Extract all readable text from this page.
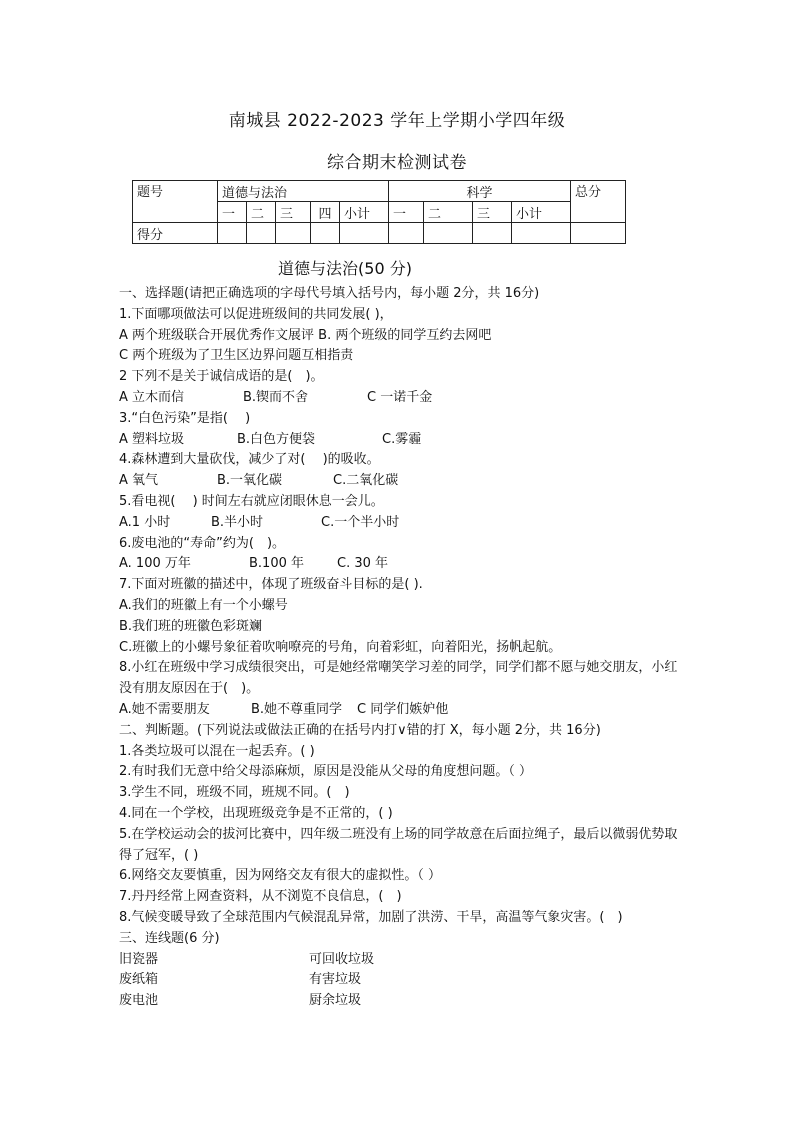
南城县 2022-2023 学年上学期小学四年级
综合期末检测试卷
题号	道德与法治					科学				总分
	一	二	三	四	小计	一	二	三	小计	
得分										
道德与法治(50 分)
一、选择题(请把正确选项的字母代号填入括号内，每小题 2分，共 16分)
1.下面哪项做法可以促进班级间的共同发展( )，
A 两个班级联合开展优秀作文展评 B. 两个班级的同学互约去网吧
C 两个班级为了卫生区边界问题互相指责
2 下列不是关于诚信成语的是(　)。
A 立木而信	B.锲而不舍	C 一诺千金
3.“白色污染”是指(　 )
A 塑料垃圾	B.白色方便袋	C.雾霾
4.森林遭到大量砍伐，减少了对(　 )的吸收。
A 氧气	B.一氧化碳	C.二氧化碳
5.看电视(　 ) 时间左右就应闭眼休息一会儿。
A.1 小时	B.半小时	C.一个半小时
6.废电池的“寿命”约为(　)。
A. 100 万年	B.100 年	C. 30 年
7.下面对班徽的描述中，体现了班级奋斗目标的是( ).
A.我们的班徽上有一个小螺号
B.我们班的班徽色彩斑斓
C.班徽上的小螺号象征着吹响嘹亮的号角，向着彩虹，向着阳光，扬帆起航。
8.小红在班级中学习成绩很突出，可是她经常嘲笑学习差的同学，同学们都不愿与她交朋友，小红没有朋友原因在于(　)。
A.她不需要朋友	B.她不尊重同学 C 同学们嫉妒他
二、判断题。(下列说法或做法正确的在括号内打∨错的打 X，每小题 2分，共 16分)
1.各类垃圾可以混在一起丢弃。( )
2.有时我们无意中给父母添麻烦，原因是没能从父母的角度想问题。（ ）
3.学生不同，班级不同，班规不同。(　)
4.同在一个学校，出现班级竞争是不正常的，( )
5.在学校运动会的拔河比赛中，四年级二班没有上场的同学故意在后面拉绳子，最后以微弱优势取得了冠军，( )
6.网络交友要慎重，因为网络交友有很大的虚拟性。（ ）
7.丹丹经常上网查资料，从不浏览不良信息，(　)
8.气候变暖导致了全球范围内气候混乱异常，加剧了洪涝、干旱，高温等气象灾害。(　)
三、连线题(6 分)
旧瓷器	可回收垃圾
废纸箱	有害垃圾
废电池	厨余垃圾
